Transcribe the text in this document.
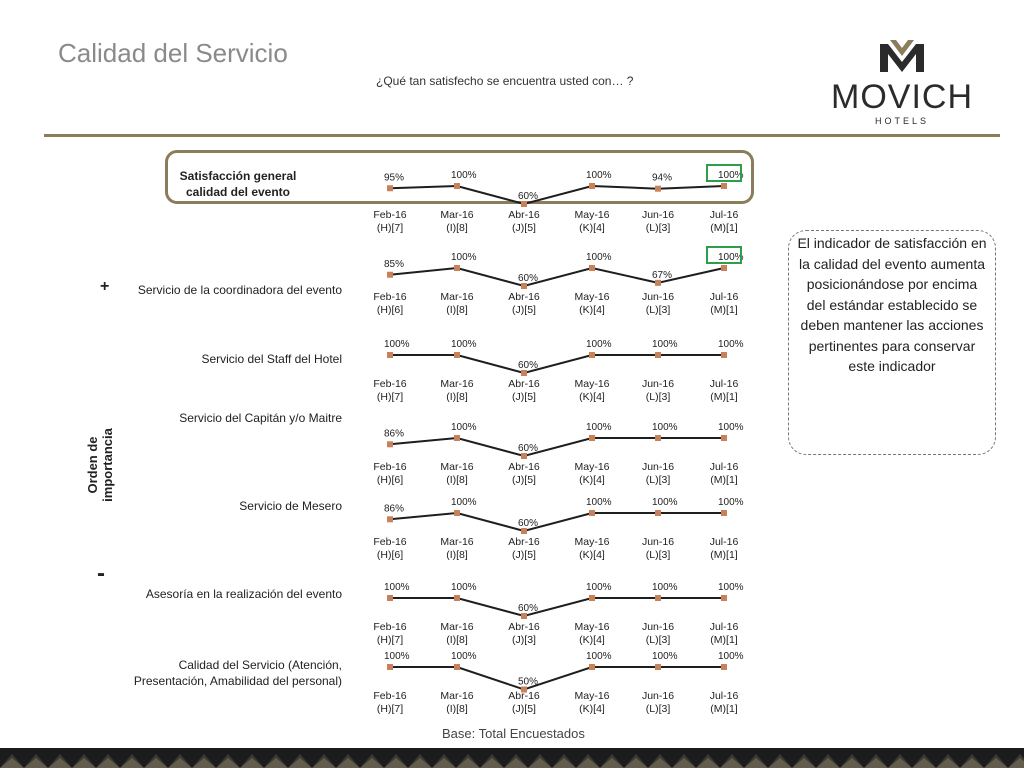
Calidad del Servicio
¿Qué tan satisfecho se encuentra usted con… ?	MOVICH
HOTELS
Satisfacción general calidad del evento
Servicio de la coordinadora del evento
Servicio del Staff del Hotel
Servicio del Capitán y/o Maitre
Servicio de Mesero
Asesoría en la realización del evento
Calidad del Servicio (Atención, Presentación, Amabilidad del personal)
+
-
Orden de importancia
95%
Feb-16
(H)[7]
100%
Mar-16
(I)[8]
60%
Abr-16
(J)[5]
100%
May-16
(K)[4]
94%
Jun-16
(L)[3]
100%
Jul-16
(M)[1]
85%
Feb-16
(H)[6]
100%
Mar-16
(I)[8]
60%
Abr-16
(J)[5]
100%
May-16
(K)[4]
67%
Jun-16
(L)[3]
100%
Jul-16
(M)[1]
100%
Feb-16
(H)[7]
100%
Mar-16
(I)[8]
60%
Abr-16
(J)[5]
100%
May-16
(K)[4]
100%
Jun-16
(L)[3]
100%
Jul-16
(M)[1]
86%
Feb-16
(H)[6]
100%
Mar-16
(I)[8]
60%
Abr-16
(J)[5]
100%
May-16
(K)[4]
100%
Jun-16
(L)[3]
100%
Jul-16
(M)[1]
86%
Feb-16
(H)[6]
100%
Mar-16
(I)[8]
60%
Abr-16
(J)[5]
100%
May-16
(K)[4]
100%
Jun-16
(L)[3]
100%
Jul-16
(M)[1]
100%
Feb-16
(H)[7]
100%
Mar-16
(I)[8]
60%
Abr-16
(J)[3]
100%
May-16
(K)[4]
100%
Jun-16
(L)[3]
100%
Jul-16
(M)[1]
100%
Feb-16
(H)[7]
100%
Mar-16
(I)[8]
50%
Abr-16
(J)[5]
100%
May-16
(K)[4]
100%
Jun-16
(L)[3]
100%
Jul-16
(M)[1]
El indicador de satisfacción en la calidad del evento aumenta posicionándose por encima del estándar establecido se deben mantener las acciones pertinentes para conservar este indicador
Base: Total Encuestados
